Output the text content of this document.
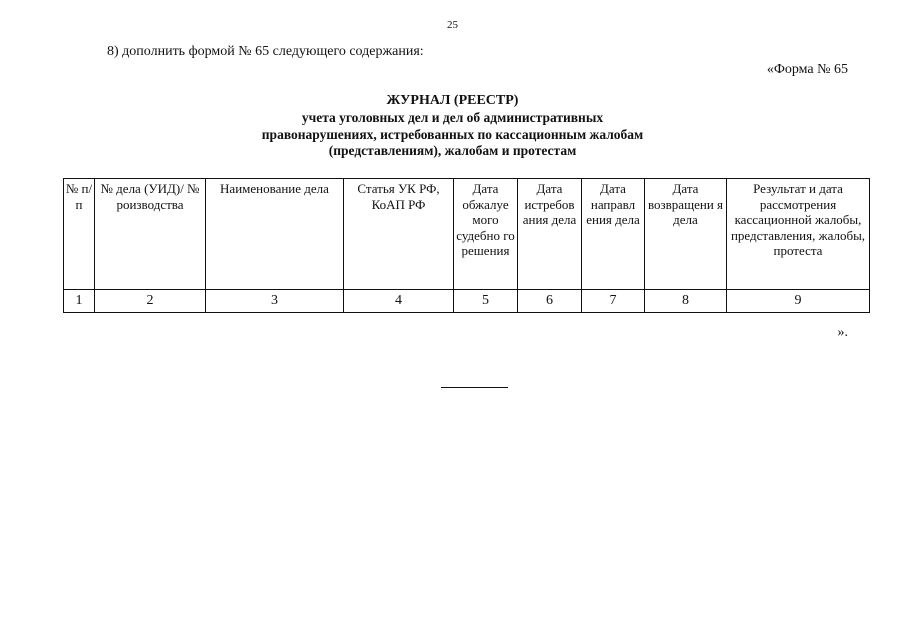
25
8) дополнить формой № 65 следующего содержания:
«Форма № 65
ЖУРНАЛ (РЕЕСТР)
учета уголовных дел и дел об административных
правонарушениях, истребованных по кассационным жалобам
(представлениям), жалобам и протестам
№ п/п	№ дела (УИД)/ № роизводства	Наименование дела	Статья УК РФ, КоАП РФ	Дата обжалуе мого судебно го решения	Дата истребов ания дела	Дата направл ения дела	Дата возвращени я дела	Результат и дата рассмотрения кассационной жалобы, представления, жалобы, протеста
1	2	3	4	5	6	7	8	9
».
